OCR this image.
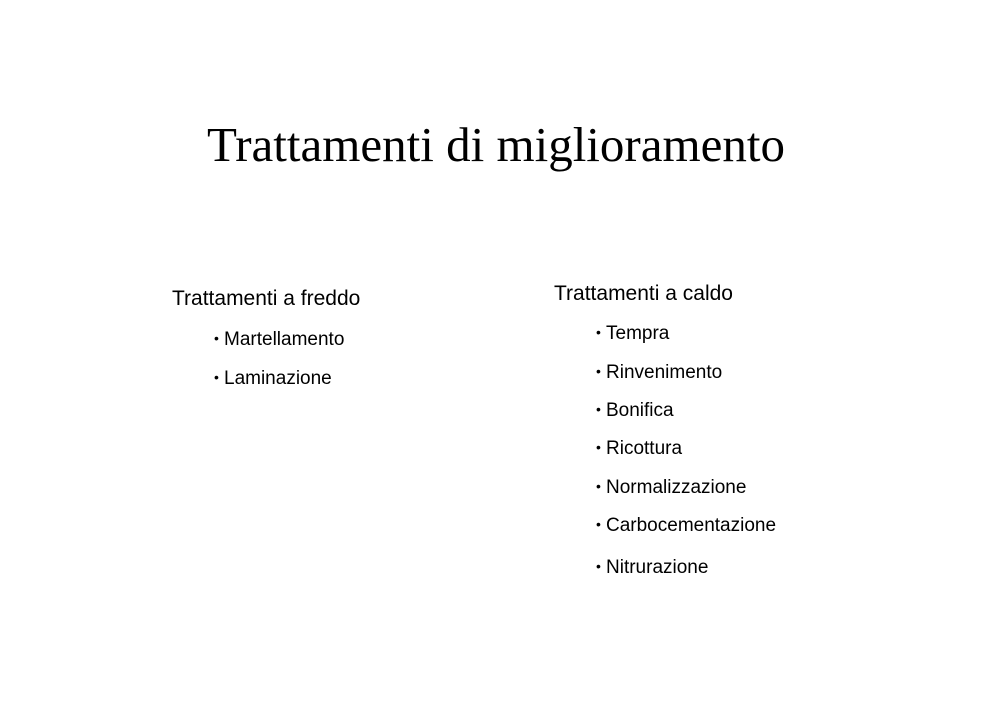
Trattamenti di miglioramento
Trattamenti a freddo
• Martellamento
• Laminazione
Trattamenti a caldo
• Tempra
• Rinvenimento
• Bonifica
• Ricottura
• Normalizzazione
• Carbocementazione
• Nitrurazione
